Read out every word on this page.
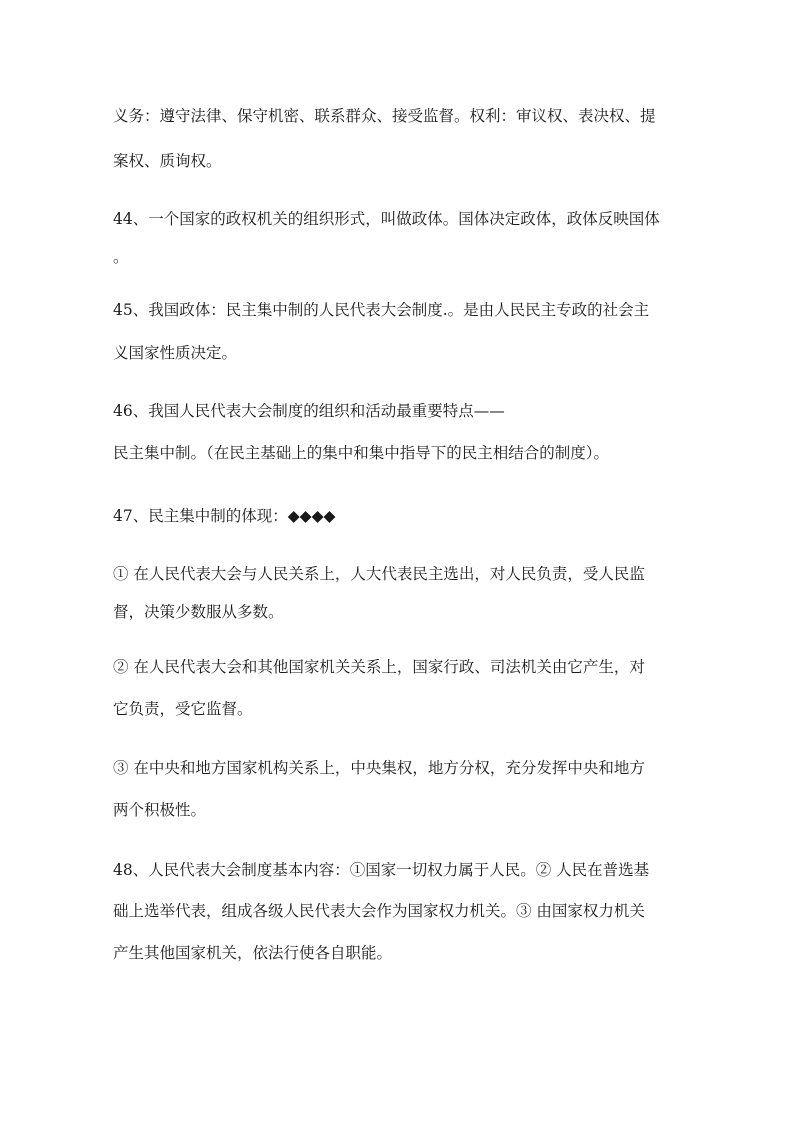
义务：遵守法律、保守机密、联系群众、接受监督。权利：审议权、表决权、提
案权、质询权。
44、一个国家的政权机关的组织形式，叫做政体。国体决定政体，政体反映国体
。
45、我国政体：民主集中制的人民代表大会制度.。是由人民民主专政的社会主
义国家性质决定。
46、我国人民代表大会制度的组织和活动最重要特点——
民主集中制。（在民主基础上的集中和集中指导下的民主相结合的制度）。
47、民主集中制的体现：◆◆◆◆
① 在人民代表大会与人民关系上，人大代表民主选出，对人民负责，受人民监
督，决策少数服从多数。
② 在人民代表大会和其他国家机关关系上，国家行政、司法机关由它产生，对
它负责，受它监督。
③ 在中央和地方国家机构关系上，中央集权，地方分权，充分发挥中央和地方
两个积极性。
48、人民代表大会制度基本内容：①国家一切权力属于人民。② 人民在普选基
础上选举代表，组成各级人民代表大会作为国家权力机关。③ 由国家权力机关
产生其他国家机关，依法行使各自职能。
